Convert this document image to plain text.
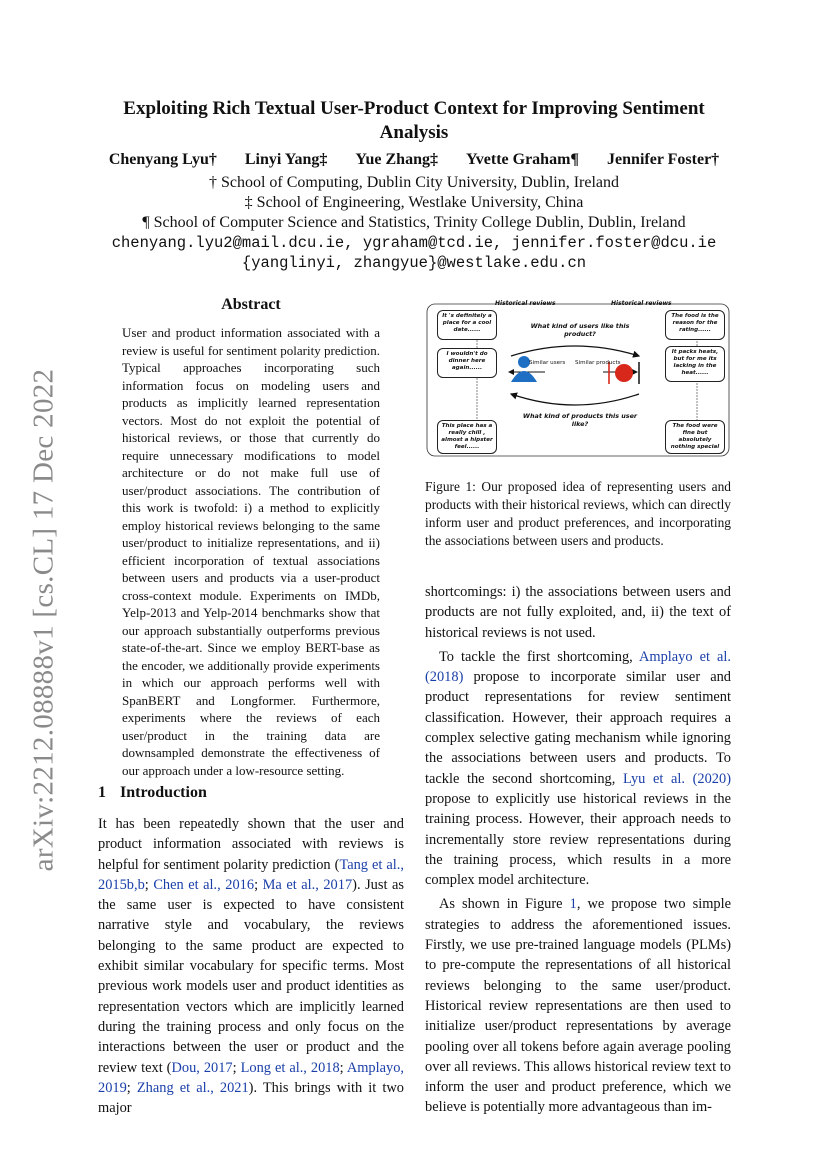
arXiv:2212.08888v1 [cs.CL] 17 Dec 2022
Exploiting Rich Textual User-Product Context for Improving Sentiment Analysis
Chenyang Lyu† Linyi Yang‡ Yue Zhang‡ Yvette Graham¶ Jennifer Foster†
† School of Computing, Dublin City University, Dublin, Ireland
‡ School of Engineering, Westlake University, China
¶ School of Computer Science and Statistics, Trinity College Dublin, Dublin, Ireland
chenyang.lyu2@mail.dcu.ie, ygraham@tcd.ie, jennifer.foster@dcu.ie
{yanglinyi, zhangyue}@westlake.edu.cn
Abstract
User and product information associated with a review is useful for sentiment polarity prediction. Typical approaches incorporating such information focus on modeling users and products as implicitly learned representation vectors. Most do not exploit the potential of historical reviews, or those that currently do require unnecessary modifications to model architecture or do not make full use of user/product associations. The contribution of this work is twofold: i) a method to explicitly employ historical reviews belonging to the same user/product to initialize representations, and ii) efficient incorporation of textual associations between users and products via a user-product cross-context module. Experiments on IMDb, Yelp-2013 and Yelp-2014 benchmarks show that our approach substantially outperforms previous state-of-the-art. Since we employ BERT-base as the encoder, we additionally provide experiments in which our approach performs well with SpanBERT and Longformer. Furthermore, experiments where the reviews of each user/product in the training data are downsampled demonstrate the effectiveness of our approach under a low-resource setting.
1 Introduction

It has been repeatedly shown that the user and product information associated with reviews is helpful for sentiment polarity prediction (Tang et al., 2015b,b; Chen et al., 2016; Ma et al., 2017). Just as the same user is expected to have consistent narrative style and vocabulary, the reviews belonging to the same product are expected to exhibit similar vocabulary for specific terms. Most previous work models user and product identities as representation vectors which are implicitly learned during the training process and only focus on the interactions between the user or product and the review text (Dou, 2017; Long et al., 2018; Amplayo, 2019; Zhang et al., 2021). This brings with it two major

Historical reviews	Historical reviews
What kind of users like this product?
What kind of products this user like?
Similar users Similar products
It 's definitely a place for a cool date......
I wouldn't do dinner here again......
This place has a really chill , almost a hipster feel......
The food is the reason for the rating......
It packs heats, but for me its lacking in the heat......
The food were fine but absolutely nothing special
Figure 1: Our proposed idea of representing users and products with their historical reviews, which can directly inform user and product preferences, and incorporating the associations between users and products.

shortcomings: i) the associations between users and products are not fully exploited, and, ii) the text of historical reviews is not used.

To tackle the first shortcoming, Amplayo et al. (2018) propose to incorporate similar user and product representations for review sentiment classification. However, their approach requires a complex selective gating mechanism while ignoring the associations between users and products. To tackle the second shortcoming, Lyu et al. (2020) propose to explicitly use historical reviews in the training process. However, their approach needs to incrementally store review representations during the training process, which results in a more complex model architecture.

As shown in Figure 1, we propose two simple strategies to address the aforementioned issues. Firstly, we use pre-trained language models (PLMs) to pre-compute the representations of all historical reviews belonging to the same user/product. Historical review representations are then used to initialize user/product representations by average pooling over all tokens before again average pooling over all reviews. This allows historical review text to inform the user and product preference, which we believe is potentially more advantageous than im-
